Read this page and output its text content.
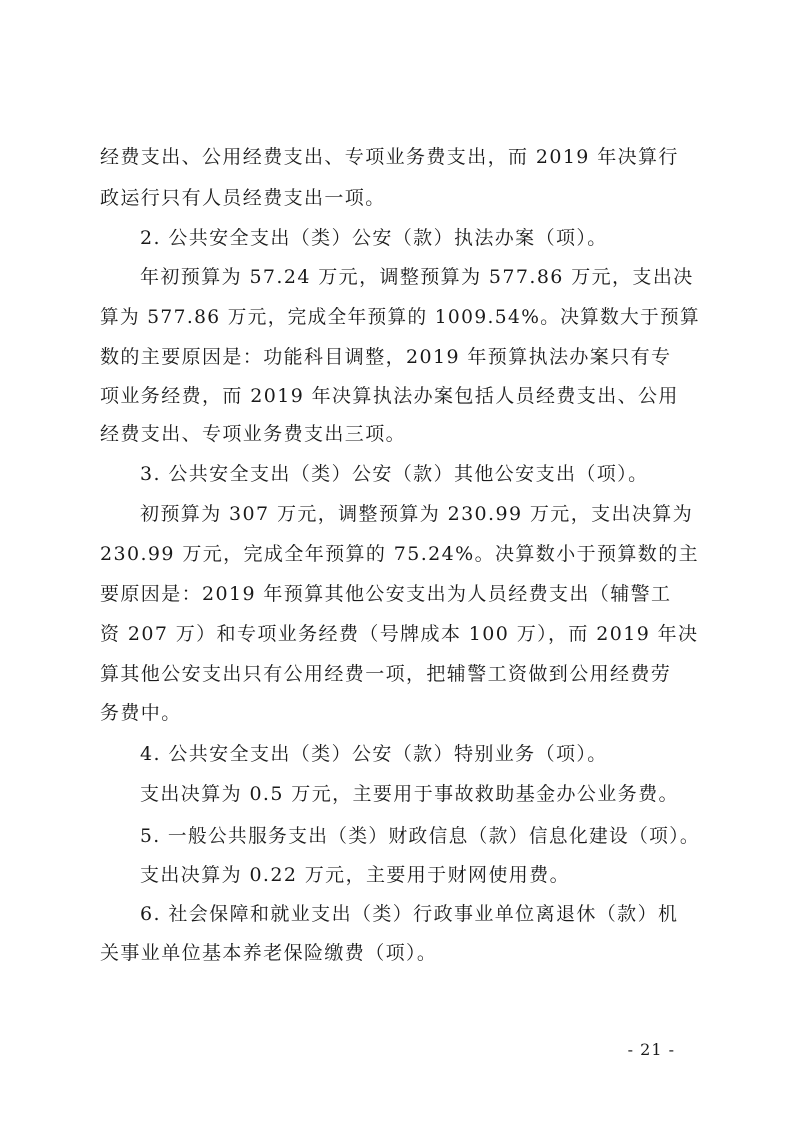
经费支出、公用经费支出、专项业务费支出，而 2019 年决算行
政运行只有人员经费支出一项。
2. 公共安全支出（类）公安（款）执法办案（项）。
年初预算为 57.24 万元，调整预算为 577.86 万元，支出决
算为 577.86 万元，完成全年预算的 1009.54%。决算数大于预算
数的主要原因是：功能科目调整，2019 年预算执法办案只有专
项业务经费，而 2019 年决算执法办案包括人员经费支出、公用
经费支出、专项业务费支出三项。
3. 公共安全支出（类）公安（款）其他公安支出（项）。
初预算为 307 万元，调整预算为 230.99 万元，支出决算为
230.99 万元，完成全年预算的 75.24%。决算数小于预算数的主
要原因是：2019 年预算其他公安支出为人员经费支出（辅警工
资 207 万）和专项业务经费（号牌成本 100 万），而 2019 年决
算其他公安支出只有公用经费一项，把辅警工资做到公用经费劳
务费中。
4. 公共安全支出（类）公安（款）特别业务（项）。
支出决算为 0.5 万元，主要用于事故救助基金办公业务费。
5. 一般公共服务支出（类）财政信息（款）信息化建设（项）。
支出决算为 0.22 万元，主要用于财网使用费。
6. 社会保障和就业支出（类）行政事业单位离退休（款）机
关事业单位基本养老保险缴费（项）。
- 21 -
